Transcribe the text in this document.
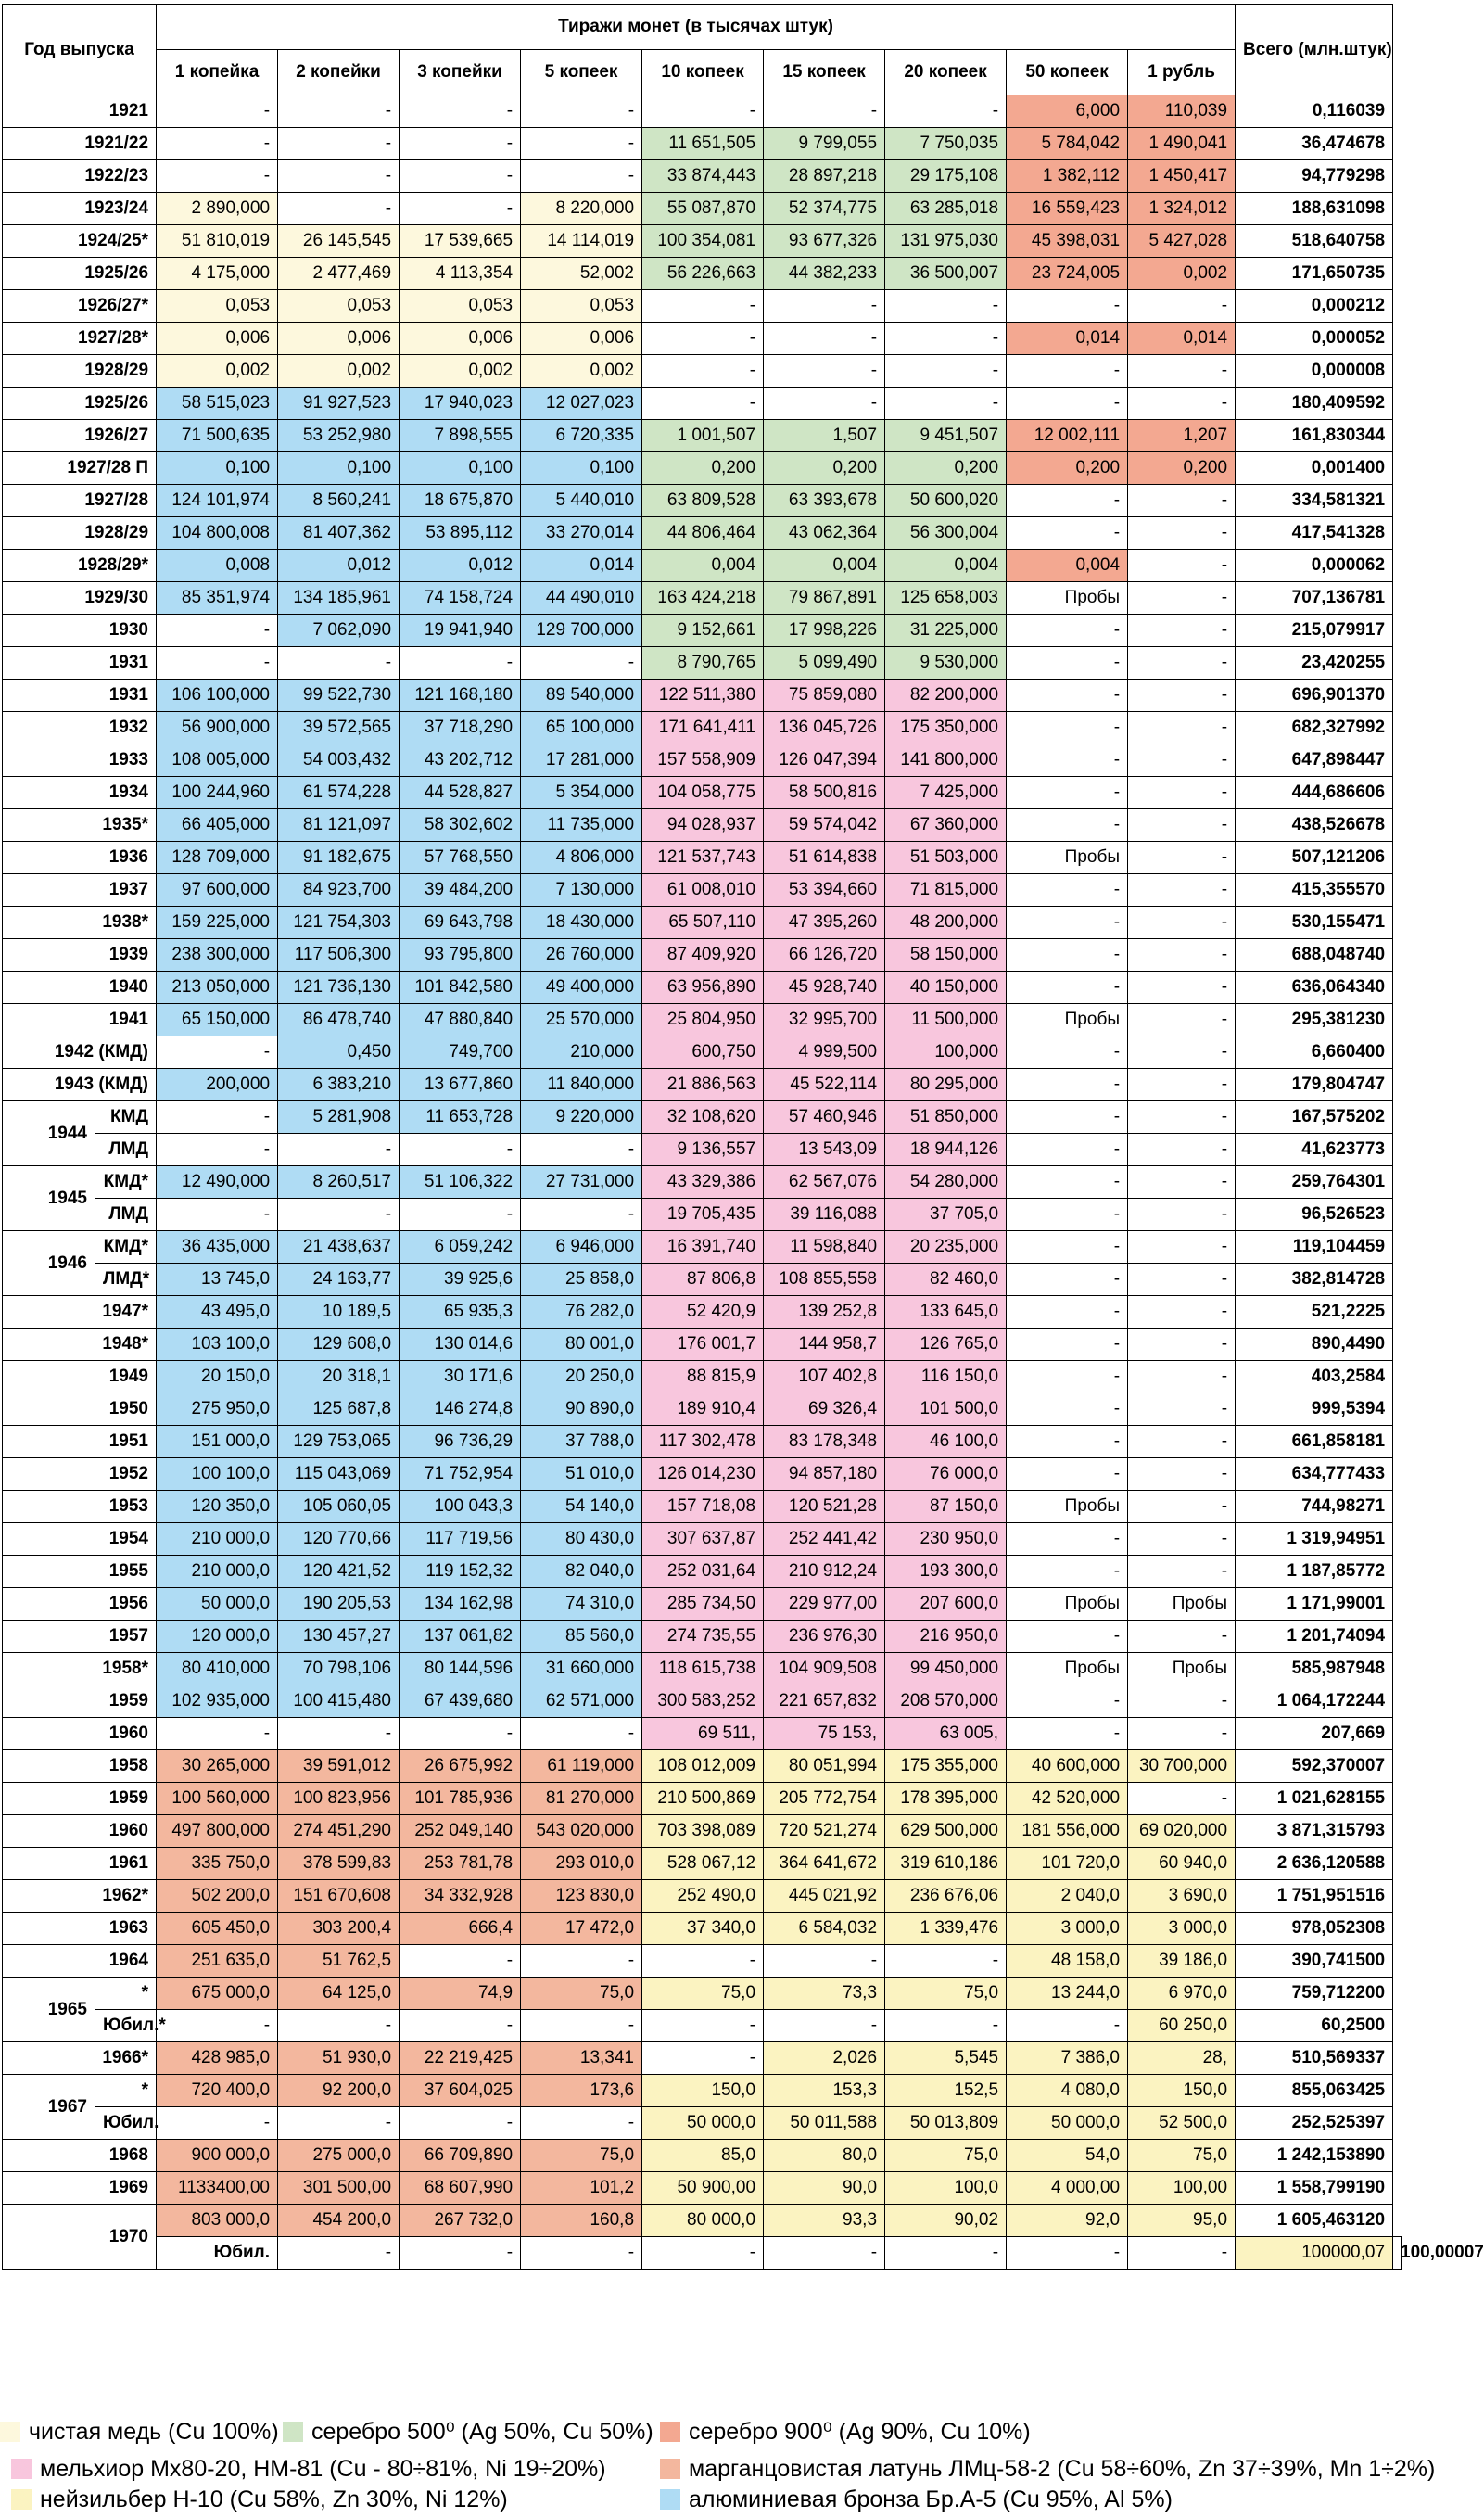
Год выпуска		Тиражи монет (в тысячах штук)									Всего (млн.штук)	
		1 копейка	2 копейки	3 копейки	5 копеек	10 копеек	15 копеек	20 копеек	50 копеек	1 рубль		
1921		-	-	-	-	-	-	-	6,000	110,039	0,116039	
1921/22		-	-	-	-	11 651,505	9 799,055	7 750,035	5 784,042	1 490,041	36,474678	
1922/23		-	-	-	-	33 874,443	28 897,218	29 175,108	1 382,112	1 450,417	94,779298	
1923/24		2 890,000	-	-	8 220,000	55 087,870	52 374,775	63 285,018	16 559,423	1 324,012	188,631098	
1924/25*		51 810,019	26 145,545	17 539,665	14 114,019	100 354,081	93 677,326	131 975,030	45 398,031	5 427,028	518,640758	
1925/26		4 175,000	2 477,469	4 113,354	52,002	56 226,663	44 382,233	36 500,007	23 724,005	0,002	171,650735	
1926/27*		0,053	0,053	0,053	0,053	-	-	-	-	-	0,000212	
1927/28*		0,006	0,006	0,006	0,006	-	-	-	0,014	0,014	0,000052	
1928/29		0,002	0,002	0,002	0,002	-	-	-	-	-	0,000008	
1925/26		58 515,023	91 927,523	17 940,023	12 027,023	-	-	-	-	-	180,409592	
1926/27		71 500,635	53 252,980	7 898,555	6 720,335	1 001,507	1,507	9 451,507	12 002,111	1,207	161,830344	
1927/28 П		0,100	0,100	0,100	0,100	0,200	0,200	0,200	0,200	0,200	0,001400	
1927/28		124 101,974	8 560,241	18 675,870	5 440,010	63 809,528	63 393,678	50 600,020	-	-	334,581321	
1928/29		104 800,008	81 407,362	53 895,112	33 270,014	44 806,464	43 062,364	56 300,004	-	-	417,541328	
1928/29*		0,008	0,012	0,012	0,014	0,004	0,004	0,004	0,004	-	0,000062	
1929/30		85 351,974	134 185,961	74 158,724	44 490,010	163 424,218	79 867,891	125 658,003	Пробы	-	707,136781	
1930		-	7 062,090	19 941,940	129 700,000	9 152,661	17 998,226	31 225,000	-	-	215,079917	
1931		-	-	-	-	8 790,765	5 099,490	9 530,000	-	-	23,420255	
1931		106 100,000	99 522,730	121 168,180	89 540,000	122 511,380	75 859,080	82 200,000	-	-	696,901370	
1932		56 900,000	39 572,565	37 718,290	65 100,000	171 641,411	136 045,726	175 350,000	-	-	682,327992	
1933		108 005,000	54 003,432	43 202,712	17 281,000	157 558,909	126 047,394	141 800,000	-	-	647,898447	
1934		100 244,960	61 574,228	44 528,827	5 354,000	104 058,775	58 500,816	7 425,000	-	-	444,686606	
1935*		66 405,000	81 121,097	58 302,602	11 735,000	94 028,937	59 574,042	67 360,000	-	-	438,526678	
1936		128 709,000	91 182,675	57 768,550	4 806,000	121 537,743	51 614,838	51 503,000	Пробы	-	507,121206	
1937		97 600,000	84 923,700	39 484,200	7 130,000	61 008,010	53 394,660	71 815,000	-	-	415,355570	
1938*		159 225,000	121 754,303	69 643,798	18 430,000	65 507,110	47 395,260	48 200,000	-	-	530,155471	
1939		238 300,000	117 506,300	93 795,800	26 760,000	87 409,920	66 126,720	58 150,000	-	-	688,048740	
1940		213 050,000	121 736,130	101 842,580	49 400,000	63 956,890	45 928,740	40 150,000	-	-	636,064340	
1941		65 150,000	86 478,740	47 880,840	25 570,000	25 804,950	32 995,700	11 500,000	Пробы	-	295,381230	
1942 (КМД)		-	0,450	749,700	210,000	600,750	4 999,500	100,000	-	-	6,660400	
1943 (КМД)		200,000	6 383,210	13 677,860	11 840,000	21 886,563	45 522,114	80 295,000	-	-	179,804747	
1944	КМД	-	5 281,908	11 653,728	9 220,000	32 108,620	57 460,946	51 850,000	-	-	167,575202	
	ЛМД	-	-	-	-	9 136,557	13 543,09	18 944,126	-	-	41,623773	
1945	КМД*	12 490,000	8 260,517	51 106,322	27 731,000	43 329,386	62 567,076	54 280,000	-	-	259,764301	
	ЛМД	-	-	-	-	19 705,435	39 116,088	37 705,0	-	-	96,526523	
1946	КМД*	36 435,000	21 438,637	6 059,242	6 946,000	16 391,740	11 598,840	20 235,000	-	-	119,104459	
	ЛМД*	13 745,0	24 163,77	39 925,6	25 858,0	87 806,8	108 855,558	82 460,0	-	-	382,814728	
1947*		43 495,0	10 189,5	65 935,3	76 282,0	52 420,9	139 252,8	133 645,0	-	-	521,2225	
1948*		103 100,0	129 608,0	130 014,6	80 001,0	176 001,7	144 958,7	126 765,0	-	-	890,4490	
1949		20 150,0	20 318,1	30 171,6	20 250,0	88 815,9	107 402,8	116 150,0	-	-	403,2584	
1950		275 950,0	125 687,8	146 274,8	90 890,0	189 910,4	69 326,4	101 500,0	-	-	999,5394	
1951		151 000,0	129 753,065	96 736,29	37 788,0	117 302,478	83 178,348	46 100,0	-	-	661,858181	
1952		100 100,0	115 043,069	71 752,954	51 010,0	126 014,230	94 857,180	76 000,0	-	-	634,777433	
1953		120 350,0	105 060,05	100 043,3	54 140,0	157 718,08	120 521,28	87 150,0	Пробы	-	744,98271	
1954		210 000,0	120 770,66	117 719,56	80 430,0	307 637,87	252 441,42	230 950,0	-	-	1 319,94951	
1955		210 000,0	120 421,52	119 152,32	82 040,0	252 031,64	210 912,24	193 300,0	-	-	1 187,85772	
1956		50 000,0	190 205,53	134 162,98	74 310,0	285 734,50	229 977,00	207 600,0	Пробы	Пробы	1 171,99001	
1957		120 000,0	130 457,27	137 061,82	85 560,0	274 735,55	236 976,30	216 950,0	-	-	1 201,74094	
1958*		80 410,000	70 798,106	80 144,596	31 660,000	118 615,738	104 909,508	99 450,000	Пробы	Пробы	585,987948	
1959		102 935,000	100 415,480	67 439,680	62 571,000	300 583,252	221 657,832	208 570,000	-	-	1 064,172244	
1960		-	-	-	-	69 511,	75 153,	63 005,	-	-	207,669	
1958		30 265,000	39 591,012	26 675,992	61 119,000	108 012,009	80 051,994	175 355,000	40 600,000	30 700,000	592,370007	
1959		100 560,000	100 823,956	101 785,936	81 270,000	210 500,869	205 772,754	178 395,000	42 520,000	-	1 021,628155	
1960		497 800,000	274 451,290	252 049,140	543 020,000	703 398,089	720 521,274	629 500,000	181 556,000	69 020,000	3 871,315793	
1961		335 750,0	378 599,83	253 781,78	293 010,0	528 067,12	364 641,672	319 610,186	101 720,0	60 940,0	2 636,120588	
1962*		502 200,0	151 670,608	34 332,928	123 830,0	252 490,0	445 021,92	236 676,06	2 040,0	3 690,0	1 751,951516	
1963		605 450,0	303 200,4	666,4	17 472,0	37 340,0	6 584,032	1 339,476	3 000,0	3 000,0	978,052308	
1964		251 635,0	51 762,5	-	-	-	-	-	48 158,0	39 186,0	390,741500	
1965	*	675 000,0	64 125,0	74,9	75,0	75,0	73,3	75,0	13 244,0	6 970,0	759,712200	
	Юбил.*	-	-	-	-	-	-	-	-	60 250,0	60,2500	
1966*		428 985,0	51 930,0	22 219,425	13,341	-	2,026	5,545	7 386,0	28,	510,569337	
1967	*	720 400,0	92 200,0	37 604,025	173,6	150,0	153,3	152,5	4 080,0	150,0	855,063425	
	Юбил.	-	-	-	-	50 000,0	50 011,588	50 013,809	50 000,0	52 500,0	252,525397	
1968		900 000,0	275 000,0	66 709,890	75,0	85,0	80,0	75,0	54,0	75,0	1 242,153890	
1969		1133400,00	301 500,00	68 607,990	101,2	50 900,00	90,0	100,0	4 000,00	100,00	1 558,799190	
1970		803 000,0	454 200,0	267 732,0	160,8	80 000,0	93,3	90,02	92,0	95,0	1 605,463120	
		Юбил.	-	-	-	-	-	-	-	-	100000,07	100,00007
чистая медь (Cu 100%) серебро 500⁰ (Ag 50%, Cu 50%) серебро 900⁰ (Ag 90%, Cu 10%)
мельхиор Мх80-20, НМ-81 (Cu - 80÷81%, Ni 19÷20%)	марганцовистая латунь ЛМц-58-2 (Cu 58÷60%, Zn 37÷39%, Mn 1÷2%)
нейзильбер Н-10 (Cu 58%, Zn 30%, Ni 12%)	алюминиевая бронза Бр.А-5 (Cu 95%, Al 5%)
